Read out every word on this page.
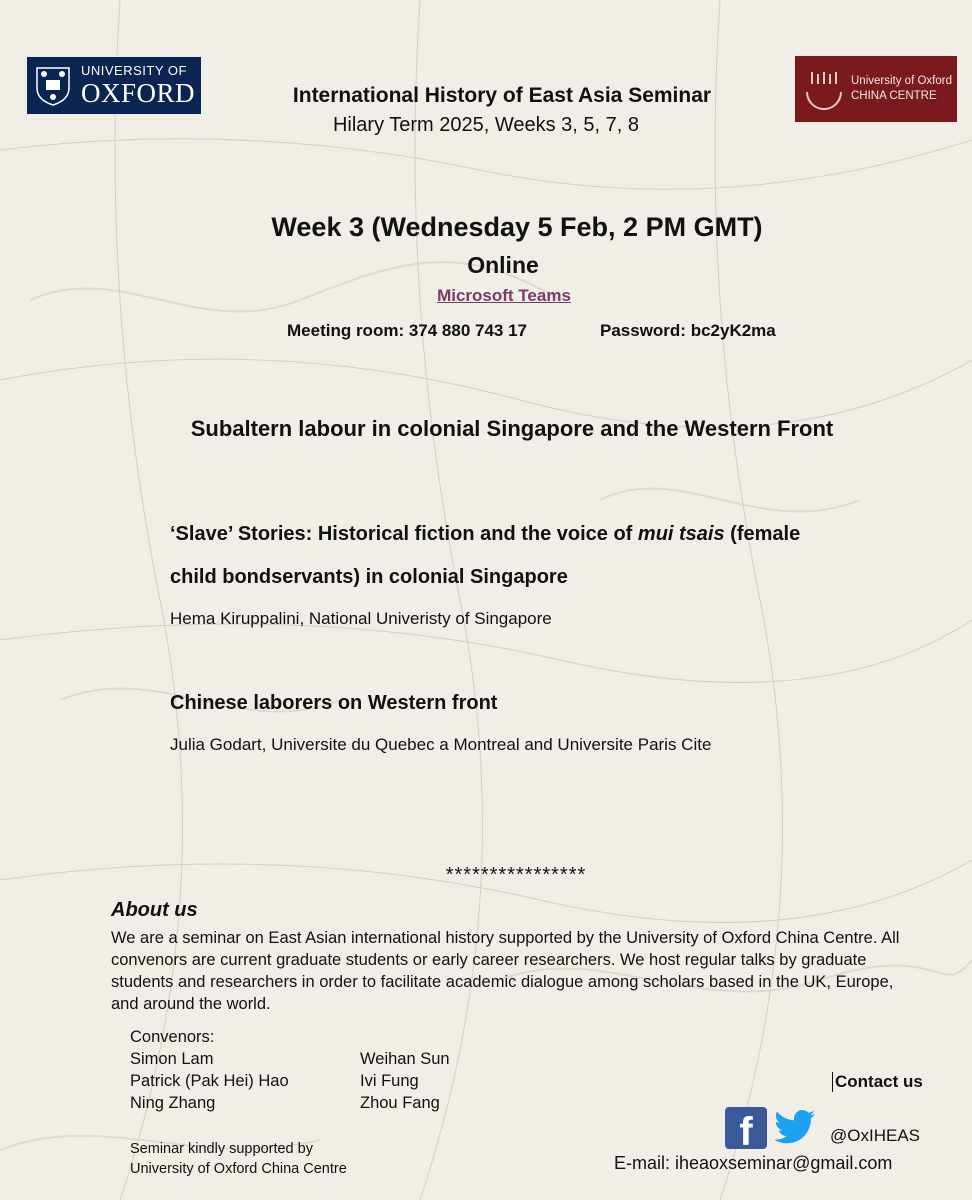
UNIVERSITY OF
OXFORD	University of Oxford
CHINA CENTRE
International History of East Asia Seminar
Hilary Term 2025, Weeks 3, 5, 7, 8
Week 3 (Wednesday 5 Feb, 2 PM GMT)
Online
Microsoft Teams
Meeting room: 374 880 743 17	Password: bc2yK2ma
Subaltern labour in colonial Singapore and the Western Front
‘Slave’ Stories: Historical fiction and the voice of mui tsais (female
child bondservants) in colonial Singapore
Hema Kiruppalini, National Univeristy of Singapore
Chinese laborers on Western front
Julia Godart, Universite du Quebec a Montreal and Universite Paris Cite
****************
About us
We are a seminar on East Asian international history supported by the University of Oxford China Centre. All convenors are current graduate students or early career researchers. We host regular talks by graduate students and researchers in order to facilitate academic dialogue among scholars based in the UK, Europe, and around the world.
Convenors:
Simon Lam
Patrick (Pak Hei) Hao
Ning Zhang
Weihan Sun
Ivi Fung
Zhou Fang
Seminar kindly supported by
University of Oxford China Centre
Contact us
f	@OxIHEAS
E-mail: iheaoxseminar@gmail.com
